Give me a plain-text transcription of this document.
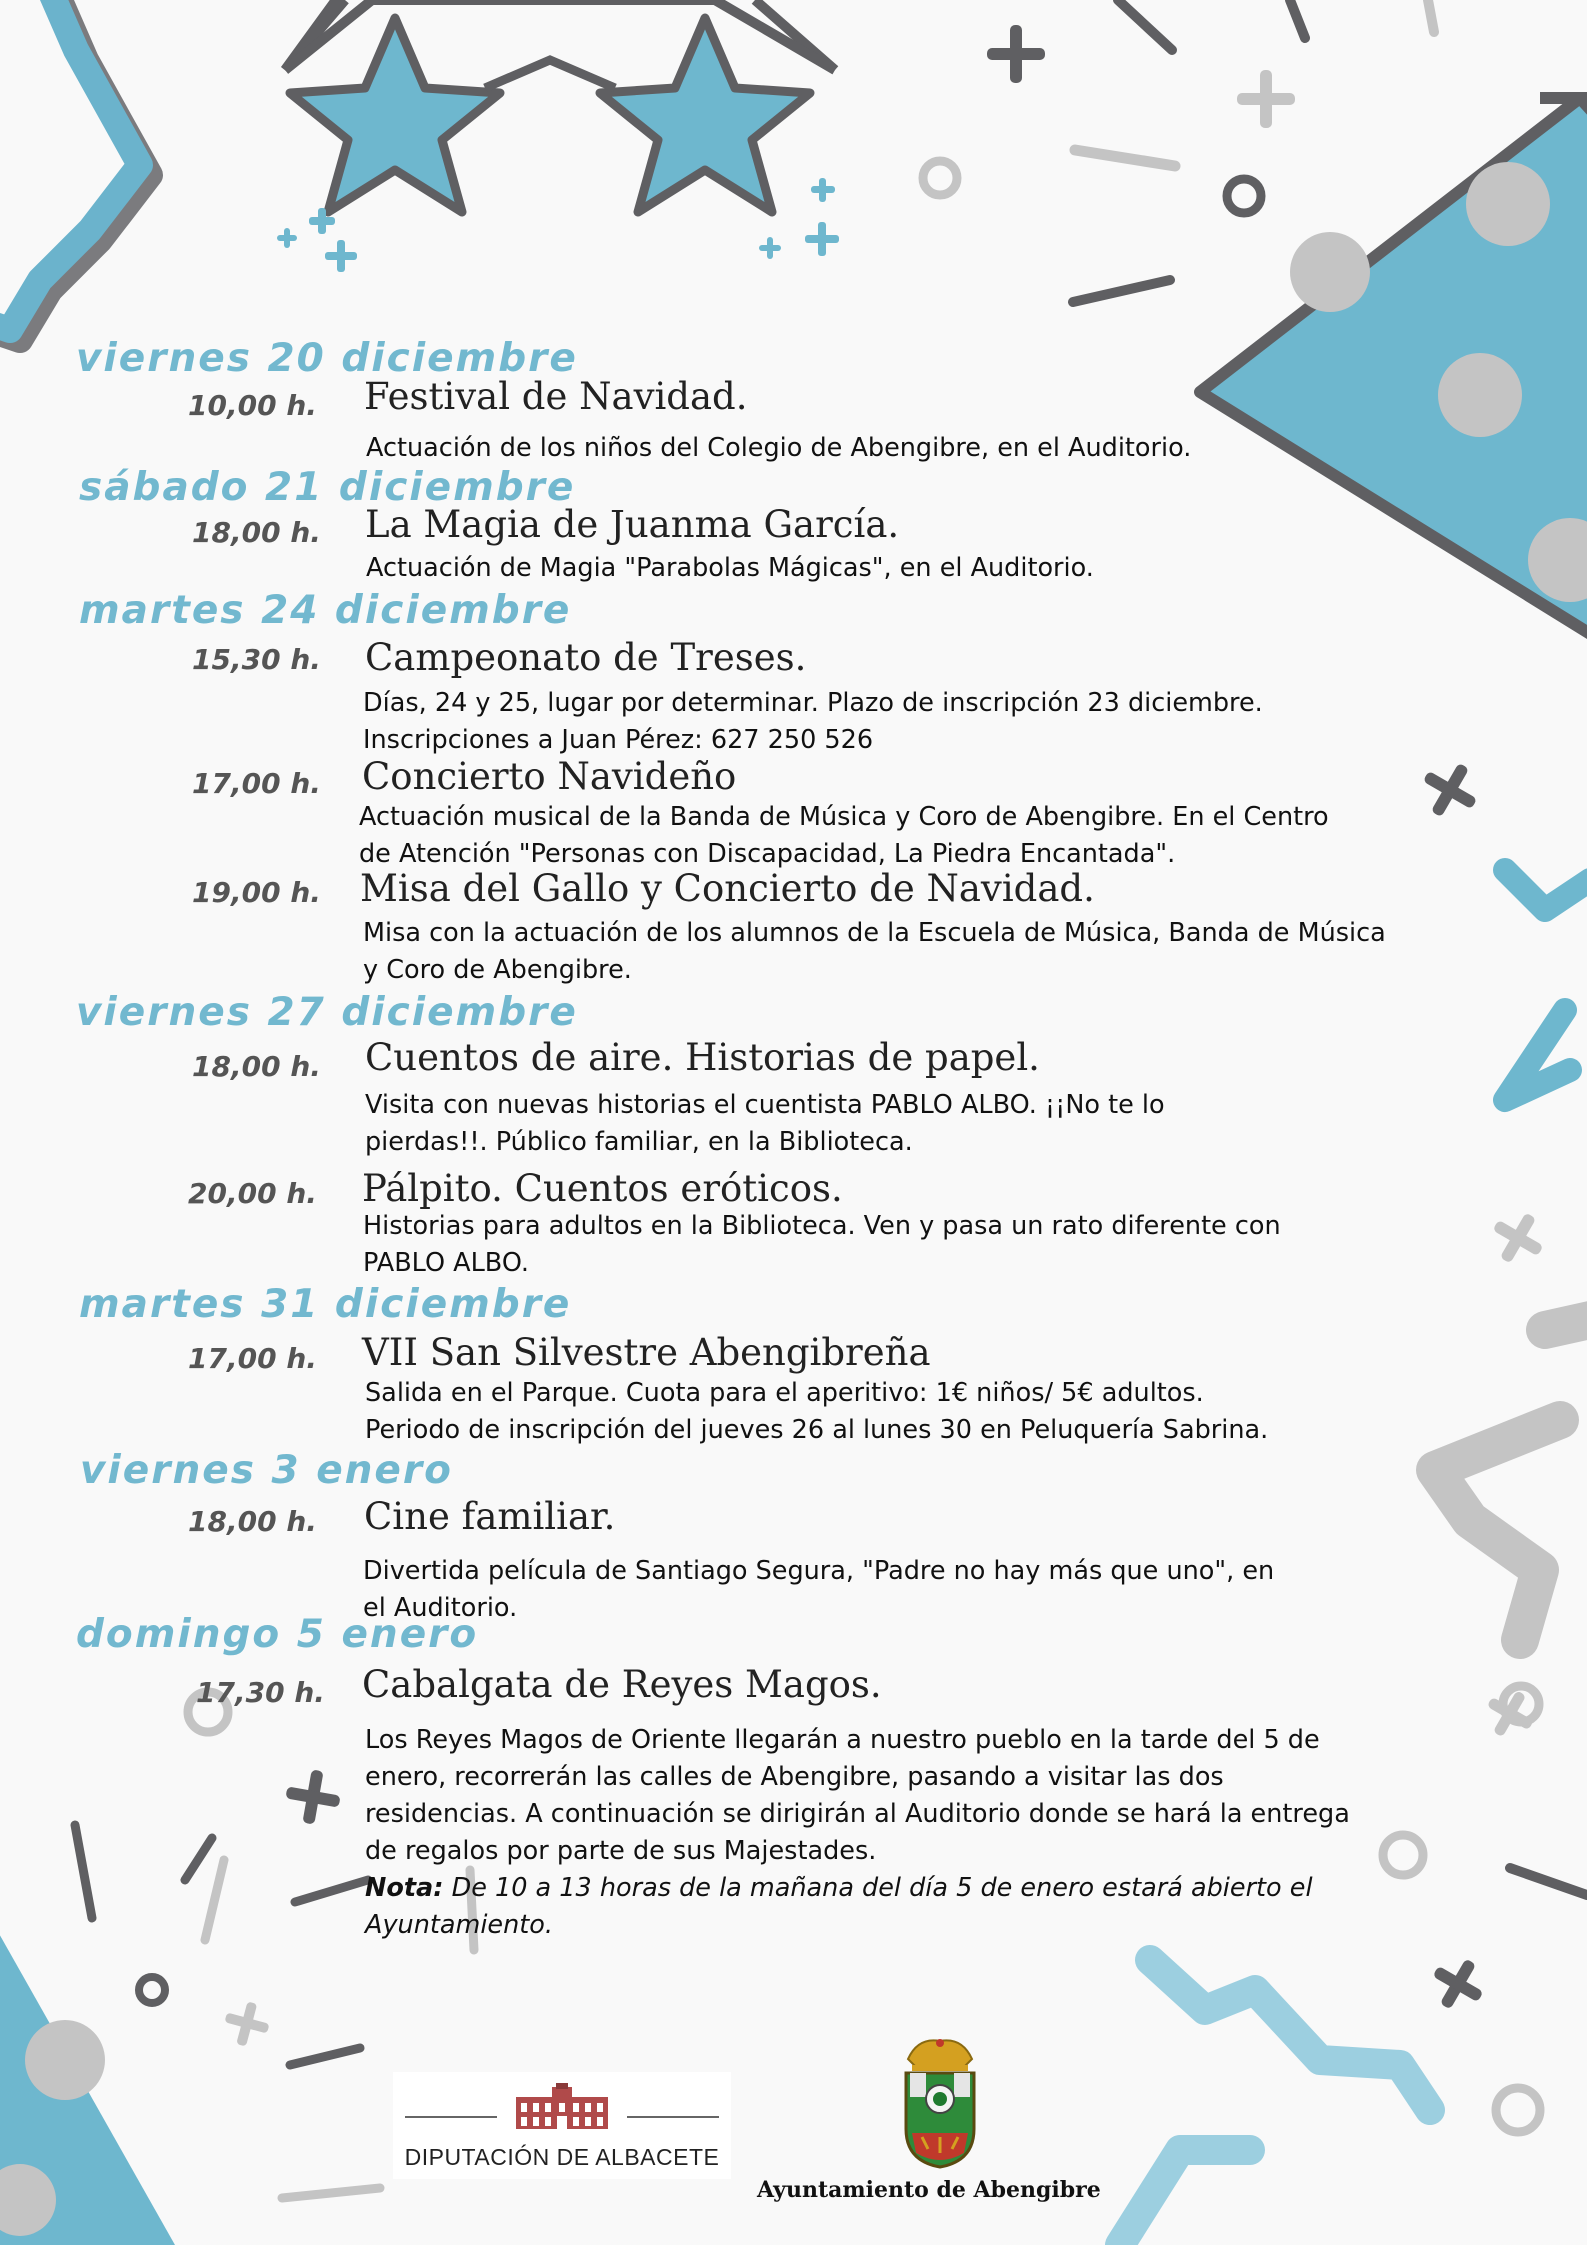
viernes 20 diciembre
10,00 h. Festival de Navidad.
Actuación de los niños del Colegio de Abengibre, en el Auditorio.
sábado 21 diciembre
18,00 h. La Magia de Juanma García.
Actuación de Magia "Parabolas Mágicas", en el Auditorio.
martes 24 diciembre
15,30 h. Campeonato de Treses.
Días, 24 y 25, lugar por determinar. Plazo de inscripción 23 diciembre.
Inscripciones a Juan Pérez: 627 250 526
17,00 h. Concierto Navideño
Actuación musical de la Banda de Música y Coro de Abengibre. En el Centro
de Atención "Personas con Discapacidad, La Piedra Encantada".
19,00 h. Misa del Gallo y Concierto de Navidad.
Misa con la actuación de los alumnos de la Escuela de Música, Banda de Música
y Coro de Abengibre.
viernes 27 diciembre
18,00 h. Cuentos de aire. Historias de papel.
Visita con nuevas historias el cuentista PABLO ALBO. ¡¡No te lo
pierdas!!. Público familiar, en la Biblioteca.
20,00 h. Pálpito. Cuentos eróticos.
Historias para adultos en la Biblioteca. Ven y pasa un rato diferente con
PABLO ALBO.
martes 31 diciembre
17,00 h. VII San Silvestre Abengibreña
Salida en el Parque. Cuota para el aperitivo: 1€ niños/ 5€ adultos.
Periodo de inscripción del jueves 26 al lunes 30 en Peluquería Sabrina.
viernes 3 enero
18,00 h. Cine familiar.
Divertida película de Santiago Segura, "Padre no hay más que uno", en
el Auditorio.
domingo 5 enero
17,30 h. Cabalgata de Reyes Magos.
Los Reyes Magos de Oriente llegarán a nuestro pueblo en la tarde del 5 de
enero, recorrerán las calles de Abengibre, pasando a visitar las dos
residencias. A continuación se dirigirán al Auditorio donde se hará la entrega
de regalos por parte de sus Majestades.
Nota: De 10 a 13 horas de la mañana del día 5 de enero estará abierto el
Ayuntamiento.
DIPUTACIÓN DE ALBACETE
Ayuntamiento de Abengibre
